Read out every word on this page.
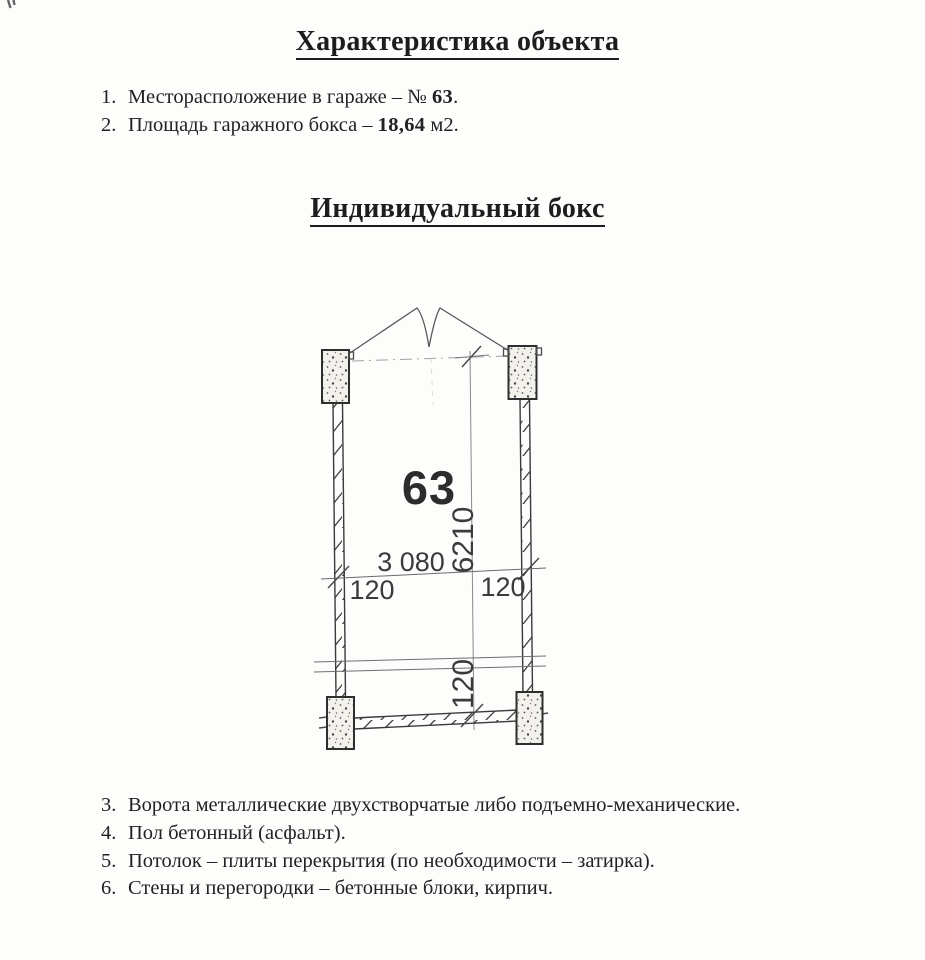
Характеристика объекта
1. Месторасположение в гараже – № 63.
2. Площадь гаражного бокса – 18,64 м2.
Индивидуальный бокс
63
6210
3 080
120	120
120
3. Ворота металлические двухстворчатые либо подъемно-механические.
4. Пол бетонный (асфальт).
5. Потолок – плиты перекрытия (по необходимости – затирка).
6. Стены и перегородки – бетонные блоки, кирпич.
